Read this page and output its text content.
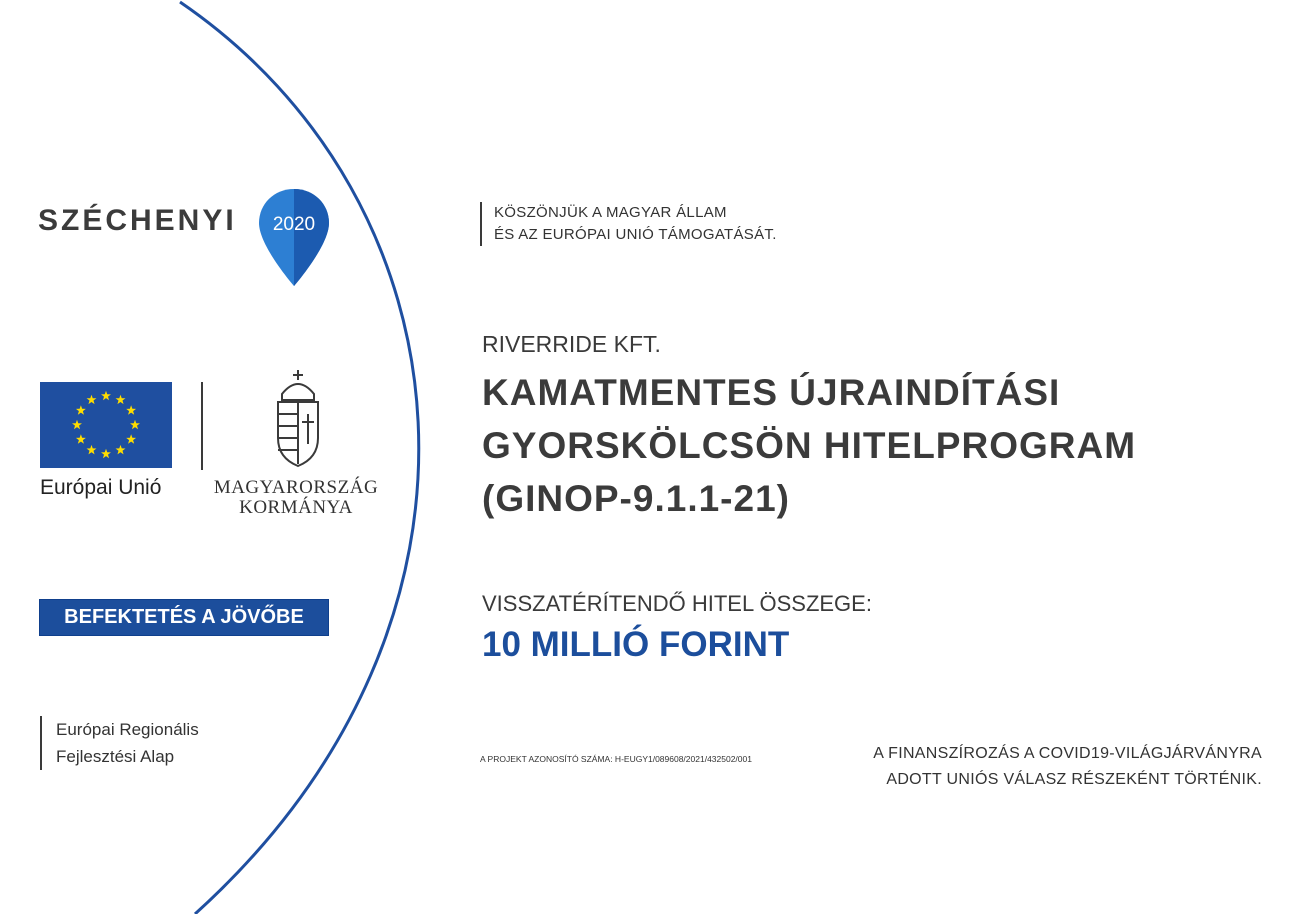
SZÉCHENYI 2020
Európai Unió	MAGYARORSZÁG
KORMÁNYA
BEFEKTETÉS A JÖVŐBE
Európai Regionális
Fejlesztési Alap
KÖSZÖNJÜK A MAGYAR ÁLLAM
ÉS AZ EURÓPAI UNIÓ TÁMOGATÁSÁT.
RIVERRIDE KFT.
KAMATMENTES ÚJRAINDÍTÁSI
GYORSKÖLCSÖN HITELPROGRAM
(GINOP-9.1.1-21)
VISSZATÉRÍTENDŐ HITEL ÖSSZEGE:
10 MILLIÓ FORINT
A PROJEKT AZONOSÍTÓ SZÁMA: H-EUGY1/089608/2021/432502/001	A FINANSZÍROZÁS A COVID19-VILÁGJÁRVÁNYRA
ADOTT UNIÓS VÁLASZ RÉSZEKÉNT TÖRTÉNIK.
